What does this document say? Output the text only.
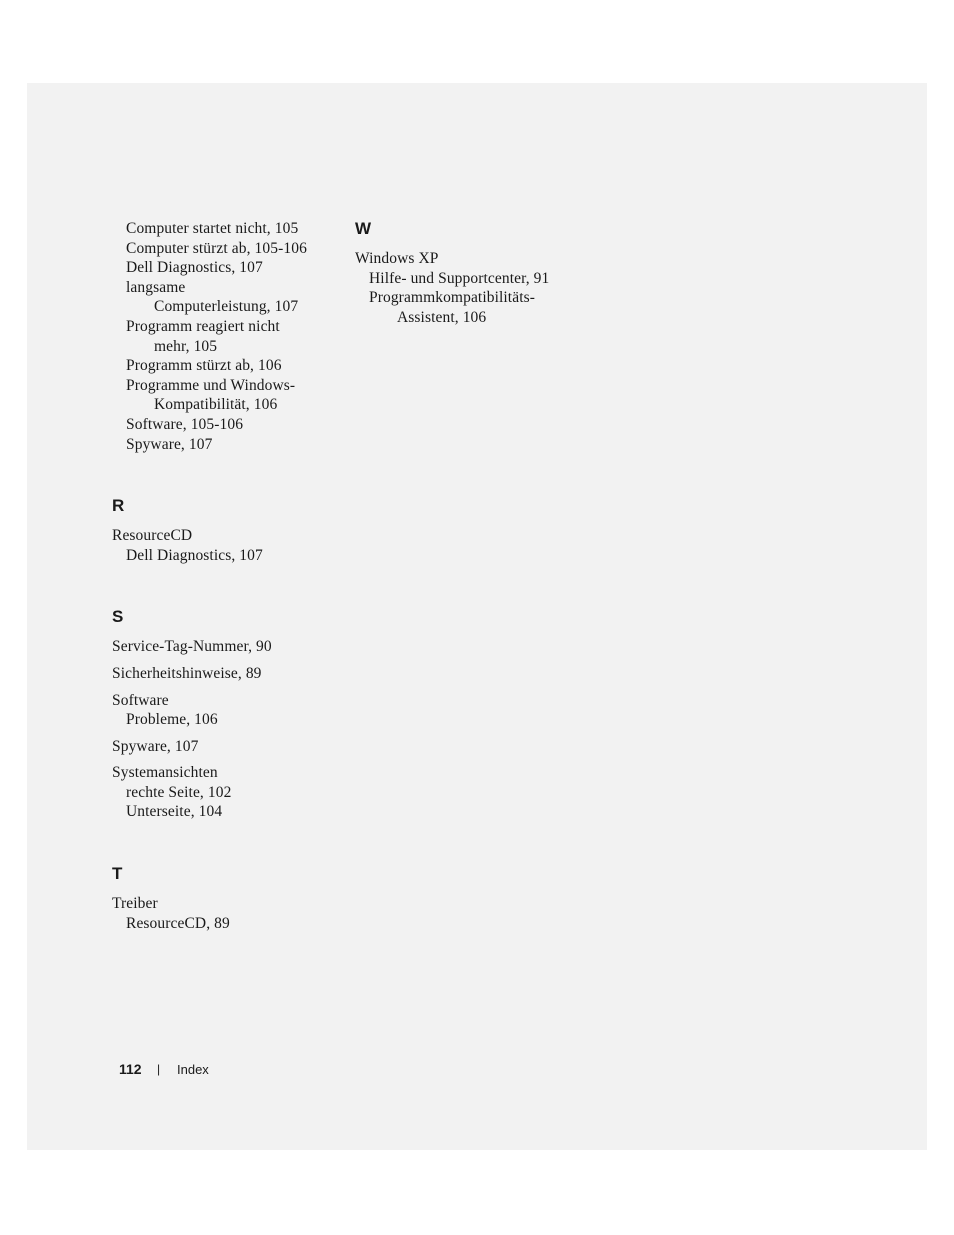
Computer startet nicht, 105
Computer stürzt ab, 105-106
Dell Diagnostics, 107
langsame
Computerleistung, 107
Programm reagiert nicht
mehr, 105
Programm stürzt ab, 106
Programme und Windows-
Kompatibilität, 106
Software, 105-106
Spyware, 107
R
ResourceCD
Dell Diagnostics, 107
S
Service-Tag-Nummer, 90
Sicherheitshinweise, 89
Software
Probleme, 106
Spyware, 107
Systemansichten
rechte Seite, 102
Unterseite, 104
T
Treiber
ResourceCD, 89
W
Windows XP
Hilfe- und Supportcenter, 91
Programmkompatibilitäts-
Assistent, 106
112 | Index
